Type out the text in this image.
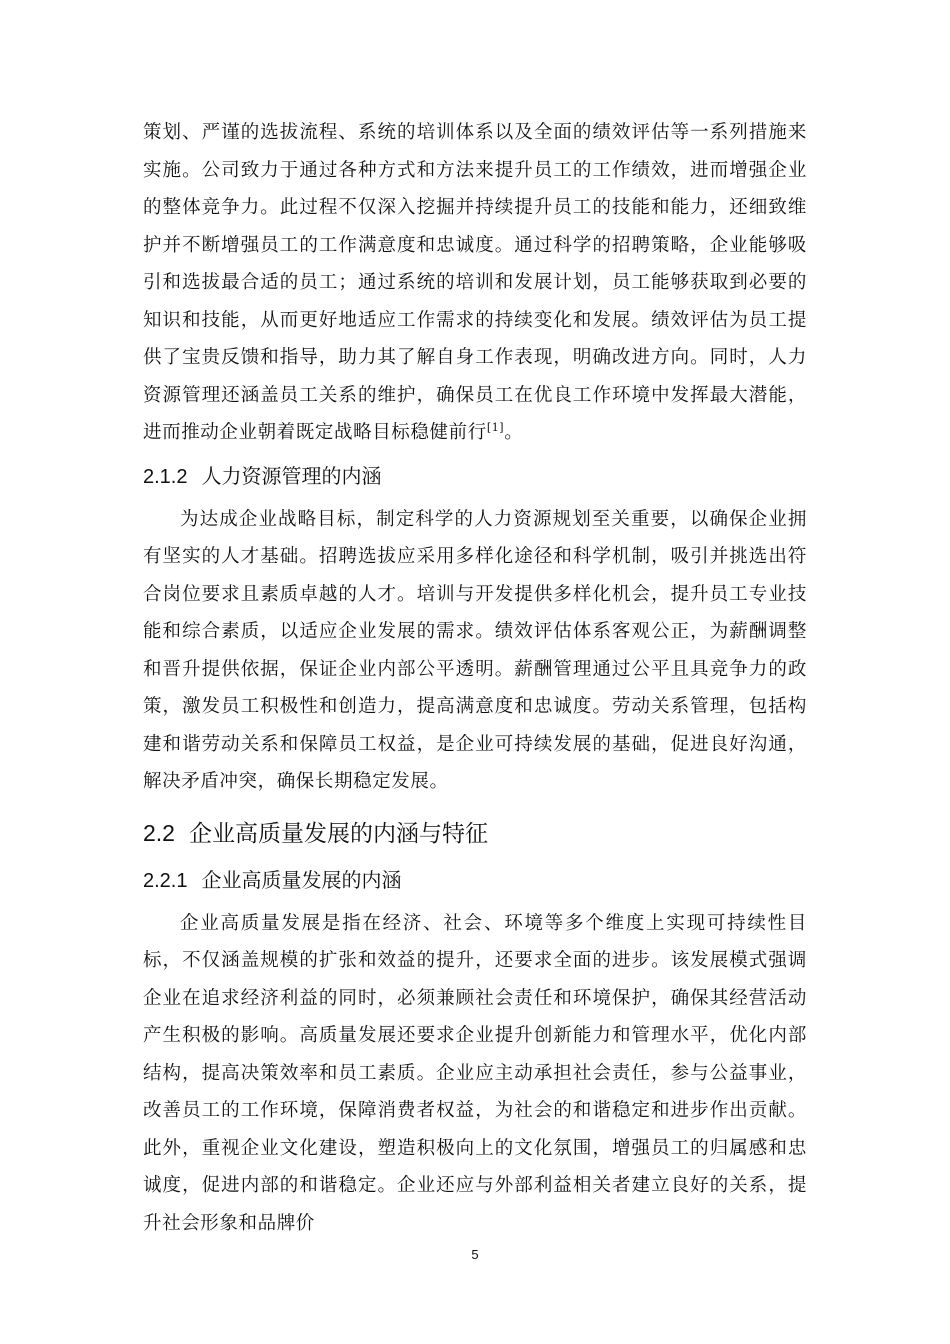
策划、严谨的选拔流程、系统的培训体系以及全面的绩效评估等一系列措施来实施。公司致力于通过各种方式和方法来提升员工的工作绩效，进而增强企业的整体竞争力。此过程不仅深入挖掘并持续提升员工的技能和能力，还细致维护并不断增强员工的工作满意度和忠诚度。通过科学的招聘策略，企业能够吸引和选拔最合适的员工；通过系统的培训和发展计划，员工能够获取到必要的知识和技能，从而更好地适应工作需求的持续变化和发展。绩效评估为员工提供了宝贵反馈和指导，助力其了解自身工作表现，明确改进方向。同时，人力资源管理还涵盖员工关系的维护，确保员工在优良工作环境中发挥最大潜能，进而推动企业朝着既定战略目标稳健前行[1]。

2.1.2 人力资源管理的内涵

为达成企业战略目标，制定科学的人力资源规划至关重要，以确保企业拥有坚实的人才基础。招聘选拔应采用多样化途径和科学机制，吸引并挑选出符合岗位要求且素质卓越的人才。培训与开发提供多样化机会，提升员工专业技能和综合素质，以适应企业发展的需求。绩效评估体系客观公正，为薪酬调整和晋升提供依据，保证企业内部公平透明。薪酬管理通过公平且具竞争力的政策，激发员工积极性和创造力，提高满意度和忠诚度。劳动关系管理，包括构建和谐劳动关系和保障员工权益，是企业可持续发展的基础，促进良好沟通，解决矛盾冲突，确保长期稳定发展。

2.2 企业高质量发展的内涵与特征
2.2.1 企业高质量发展的内涵

企业高质量发展是指在经济、社会、环境等多个维度上实现可持续性目标，不仅涵盖规模的扩张和效益的提升，还要求全面的进步。该发展模式强调企业在追求经济利益的同时，必须兼顾社会责任和环境保护，确保其经营活动产生积极的影响。高质量发展还要求企业提升创新能力和管理水平，优化内部结构，提高决策效率和员工素质。企业应主动承担社会责任，参与公益事业，改善员工的工作环境，保障消费者权益，为社会的和谐稳定和进步作出贡献。此外，重视企业文化建设，塑造积极向上的文化氛围，增强员工的归属感和忠诚度，促进内部的和谐稳定。企业还应与外部利益相关者建立良好的关系，提升社会形象和品牌价

5
